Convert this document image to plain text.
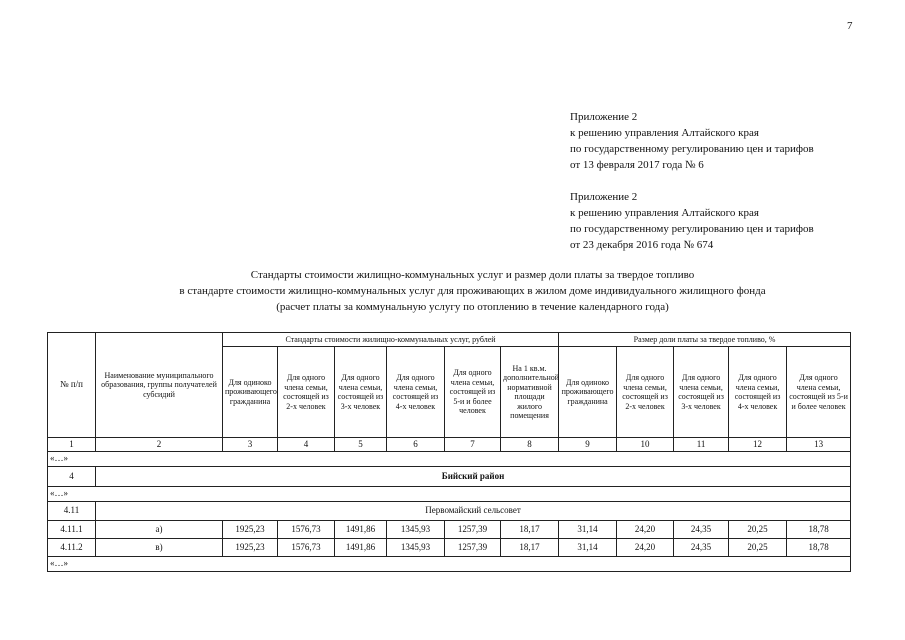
7
Приложение 2
к решению управления Алтайского края
по государственному регулированию цен и тарифов
от 13 февраля 2017 года № 6
Приложение 2
к решению управления Алтайского края
по государственному регулированию цен и тарифов
от 23 декабря 2016 года № 674
Стандарты стоимости жилищно-коммунальных услуг и размер доли платы за твердое топливо
в стандарте стоимости жилищно-коммунальных услуг для проживающих в жилом доме индивидуального жилищного фонда
(расчет платы за коммунальную услугу по отоплению в течение календарного года)
№ п/п	Наименование муниципального образования, группы получателей субсидий	Стандарты стоимости жилищно-коммунальных услуг, рублей						Размер доли платы за твердое топливо, %				
		Для одиноко проживающего гражданина	Для одного члена семьи, состоящей из 2-х человек	Для одного члена семьи, состоящей из 3-х человек	Для одного члена семьи, состоящей из 4-х человек	Для одного члена семьи, состоящей из 5-и и более человек	На 1 кв.м. дополнительной нормативной площади жилого помещения	Для одиноко проживающего гражданина	Для одного члена семьи, состоящей из 2-х человек	Для одного члена семьи, состоящей из 3-х человек	Для одного члена семьи, состоящей из 4-х человек	Для одного члена семьи, состоящей из 5-и и более человек
1	2	3	4	5	6	7	8	9	10	11	12	13
«…»												
4	Бийский район											
«…»												
4.11	Первомайский сельсовет											
4.11.1	а)	1925,23	1576,73	1491,86	1345,93	1257,39	18,17	31,14	24,20	24,35	20,25	18,78
4.11.2	в)	1925,23	1576,73	1491,86	1345,93	1257,39	18,17	31,14	24,20	24,35	20,25	18,78
«…»												
